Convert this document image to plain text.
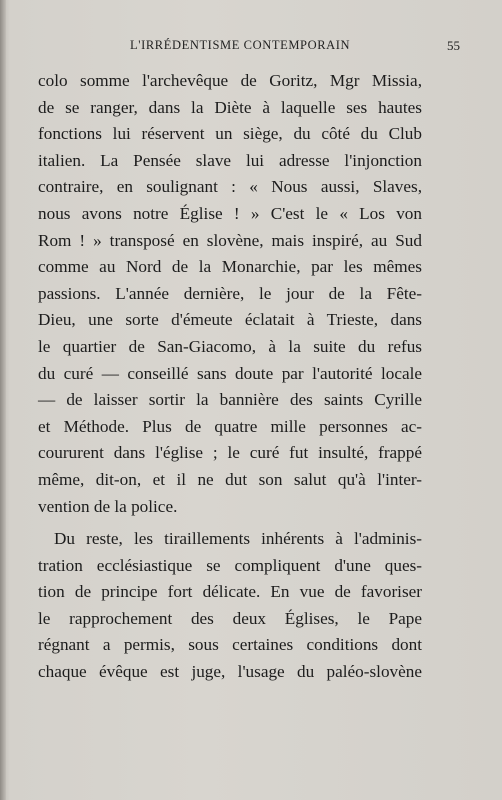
L'IRRÉDENTISME CONTEMPORAIN	55
colo somme l'archevêque de Goritz, Mgr Missia,
de se ranger, dans la Diète à laquelle ses hautes
fonctions lui réservent un siège, du côté du Club
italien. La Pensée slave lui adresse l'injonction
contraire, en soulignant : « Nous aussi, Slaves,
nous avons notre Église ! » C'est le « Los von
Rom ! » transposé en slovène, mais inspiré, au Sud
comme au Nord de la Monarchie, par les mêmes
passions. L'année dernière, le jour de la Fête-
Dieu, une sorte d'émeute éclatait à Trieste, dans
le quartier de San-Giacomo, à la suite du refus
du curé — conseillé sans doute par l'autorité locale
— de laisser sortir la bannière des saints Cyrille
et Méthode. Plus de quatre mille personnes ac-
coururent dans l'église ; le curé fut insulté, frappé
même, dit-on, et il ne dut son salut qu'à l'inter-
vention de la police.
Du reste, les tiraillements inhérents à l'adminis-
tration ecclésiastique se compliquent d'une ques-
tion de principe fort délicate. En vue de favoriser
le rapprochement des deux Églises, le Pape
régnant a permis, sous certaines conditions dont
chaque évêque est juge, l'usage du paléo-slovène
